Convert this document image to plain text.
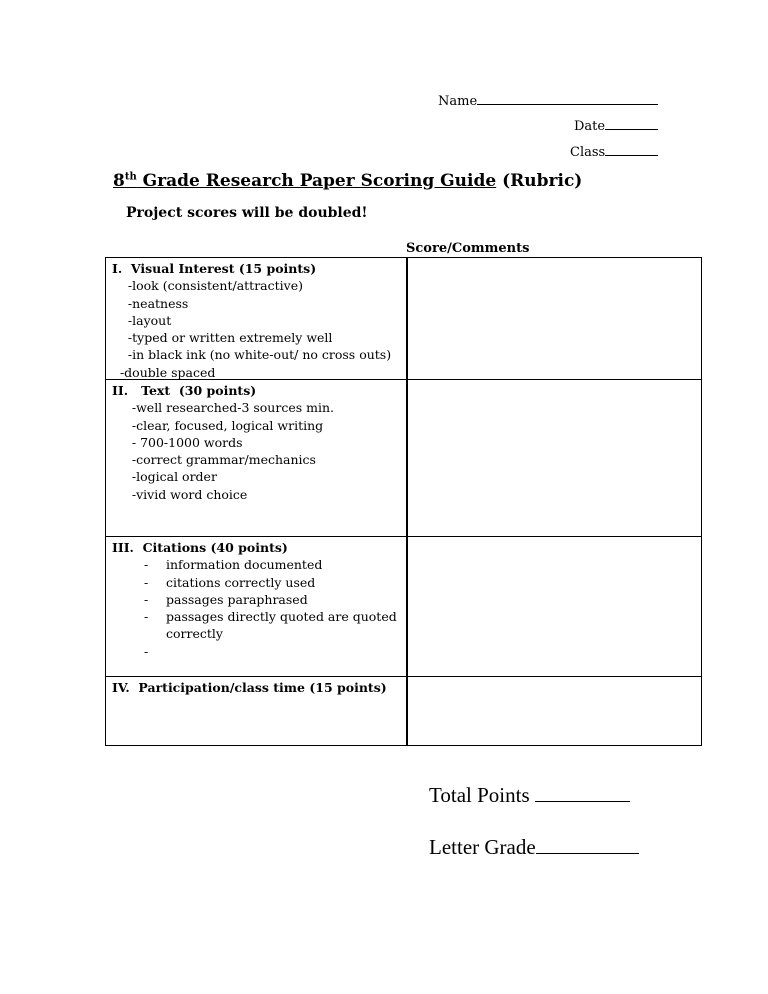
Name
Date
Class
8th Grade Research Paper Scoring Guide (Rubric)
Project scores will be doubled!
Score/Comments
I.  Visual Interest (15 points)
-look (consistent/attractive)
-neatness
-layout
-typed or written extremely well
-in black ink (no white-out/ no cross outs)
-double spaced
II.   Text  (30 points)
-well researched-3 sources min.
-clear, focused, logical writing
- 700-1000 words
-correct grammar/mechanics
-logical order
-vivid word choice
III.  Citations (40 points)
-	information documented
-	citations correctly used
-	passages paraphrased
-	passages directly quoted are quoted correctly
-
IV.  Participation/class time (15 points)
Total Points
Letter Grade
